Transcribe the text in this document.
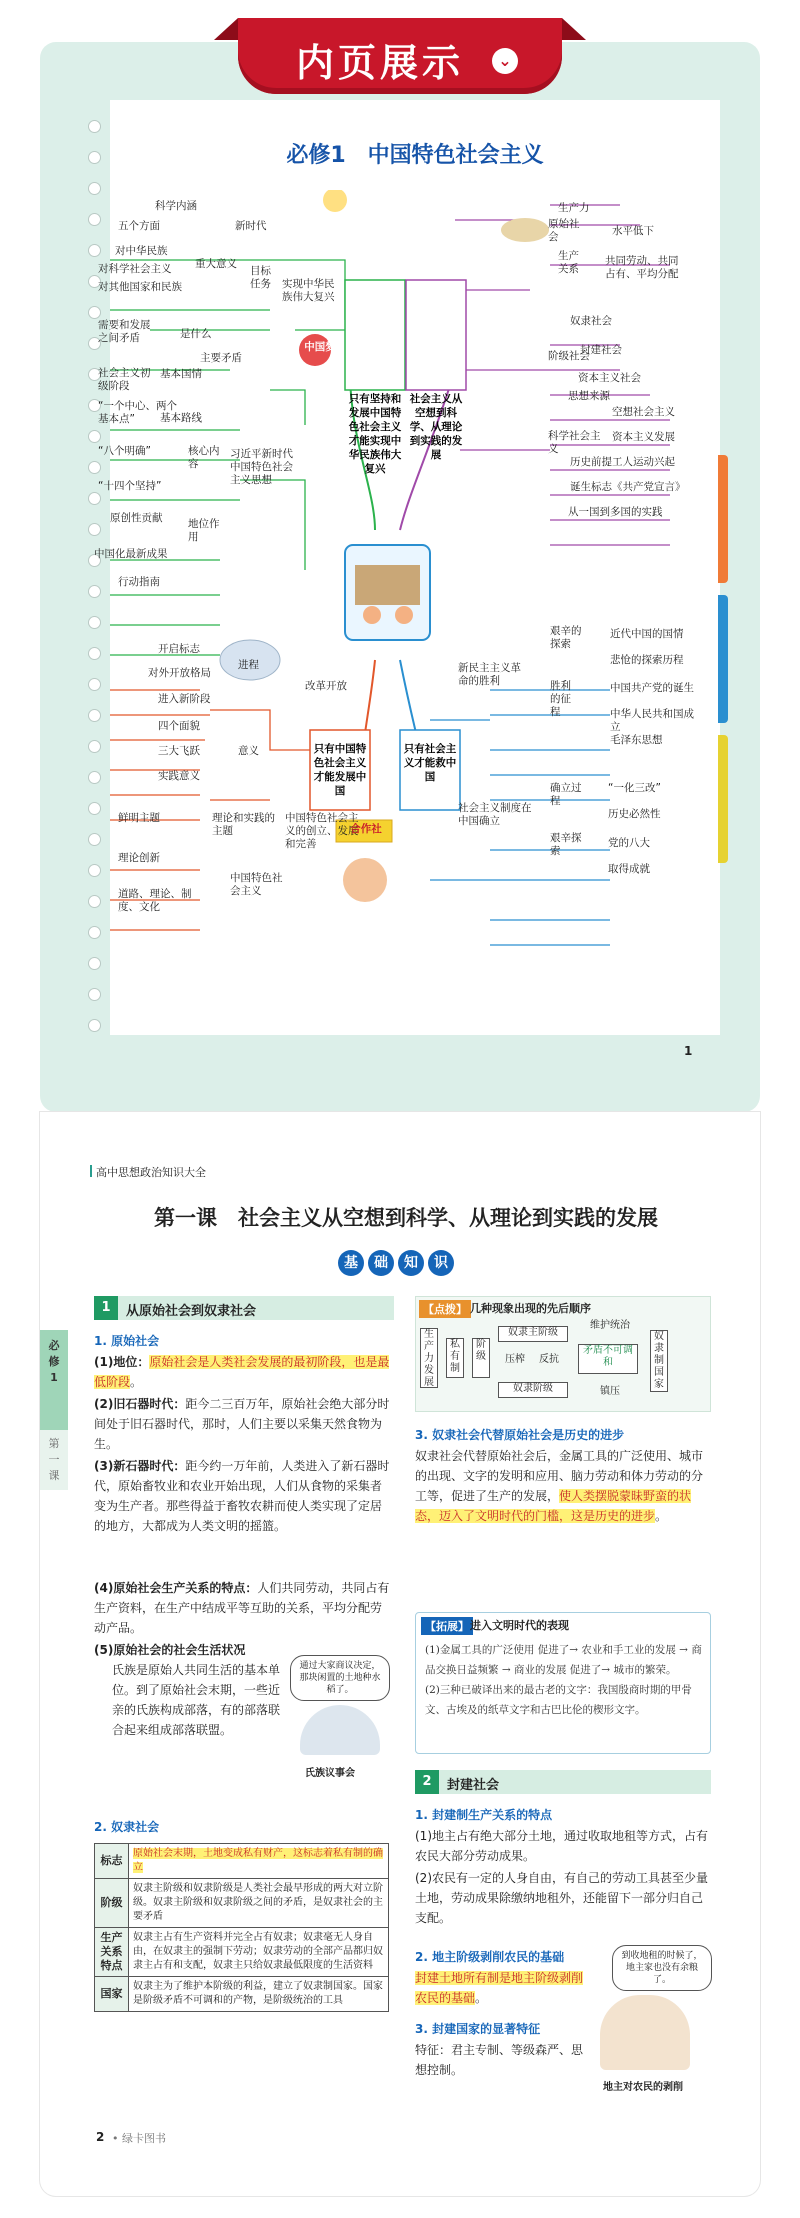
内页展示	⌄
必修1　中国特色社会主义
新时代
五个方面
科学内涵
对中华民族
对科学社会主义	重大意义
对其他国家和民族
目标任务	实现中华民族伟大复兴
主要矛盾
需要和发展之间矛盾	是什么
社会主义初级阶段
基本国情
“一个中心、两个基本点”	基本路线
“八个明确”
“十四个坚持”
核心内容
习近平新时代中国特色社会主义思想
原创性贡献	地位作用
中国化最新成果
行动指南
原始社会
生产力
水平低下
生产关系
共同劳动、共同占有、平均分配
阶级社会
奴隶社会
封建社会
资本主义社会
科学社会主义
思想来源
空想社会主义
资本主义发展
历史前提 工人运动兴起
诞生标志 《共产党宣言》
从一国到多国的实践
改革开放
开启标志
进程
对外开放格局
进入新阶段
四个面貌
三大飞跃	意义
实践意义
中国特色社会主义的创立、发展和完善
鲜明主题	理论和实践的主题
理论创新
中国特色社会主义
道路、理论、制度、文化
新民主主义革命的胜利
艰辛的探索
近代中国的国情
悲怆的探索历程
胜利的征程
中国共产党的诞生
中华人民共和国成立
毛泽东思想
社会主义制度在中国确立
确立过程
“一化三改”
历史必然性
艰辛探索
党的八大
取得成就
只有坚持和发展中国特色社会主义才能实现中华民族伟大复兴
社会主义从空想到科学、从理论到实践的发展
只有中国特色社会主义才能发展中国
只有社会主义才能救中国
中国梦
合作社
1
高中思想政治知识大全
第一课　社会主义从空想到科学、从理论到实践的发展
基	础	知	识
必修1
第一课
1	从原始社会到奴隶社会
1. 原始社会
(1)地位：原始社会是人类社会发展的最初阶段，也是最低阶段。
(2)旧石器时代：距今二三百万年，原始社会绝大部分时间处于旧石器时代，那时，人们主要以采集天然食物为生。
(3)新石器时代：距今约一万年前，人类进入了新石器时代，原始畜牧业和农业开始出现，人们从食物的采集者变为生产者。那些得益于畜牧农耕而使人类实现了定居的地方，大都成为人类文明的摇篮。
(4)原始社会生产关系的特点：人们共同劳动，共同占有生产资料，在生产中结成平等互助的关系，平均分配劳动产品。
(5)原始社会的社会生活状况
氏族是原始人共同生活的基本单位。到了原始社会末期，一些近亲的氏族构成部落，有的部落联合起来组成部落联盟。
通过大家商议决定，那块闲置的土地种水稻了。
氏族议事会
2. 奴隶社会
标志	原始社会末期，土地变成私有财产，这标志着私有制的确立
阶级	奴隶主阶级和奴隶阶级是人类社会最早形成的两大对立阶级。奴隶主阶级和奴隶阶级之间的矛盾，是奴隶社会的主要矛盾
生产关系特点	奴隶主占有生产资料并完全占有奴隶；奴隶毫无人身自由，在奴隶主的强制下劳动；奴隶劳动的全部产品都归奴隶主占有和支配，奴隶主只给奴隶最低限度的生活资料
国家	奴隶主为了维护本阶级的利益，建立了奴隶制国家。国家是阶级矛盾不可调和的产物，是阶级统治的工具
【点拨】 几种现象出现的先后顺序
生产力发展
私有制
阶级
奴隶主阶级
奴隶阶级
压榨	反抗
矛盾不可调和
维护统治
镇压
奴隶制国家
3. 奴隶社会代替原始社会是历史的进步
奴隶社会代替原始社会后，金属工具的广泛使用、城市的出现、文字的发明和应用、脑力劳动和体力劳动的分工等，促进了生产的发展，使人类摆脱蒙昧野蛮的状态，迈入了文明时代的门槛，这是历史的进步。
【拓展】 进入文明时代的表现
(1)金属工具的广泛使用 促进了→ 农业和手工业的发展 → 商品交换日益频繁 → 商业的发展 促进了→ 城市的繁荣。
(2)三种已破译出来的最古老的文字：我国殷商时期的甲骨文、古埃及的纸草文字和古巴比伦的楔形文字。
2	封建社会
1. 封建制生产关系的特点
(1)地主占有绝大部分土地，通过收取地租等方式，占有农民大部分劳动成果。
(2)农民有一定的人身自由，有自己的劳动工具甚至少量土地，劳动成果除缴纳地租外，还能留下一部分归自己支配。
2. 地主阶级剥削农民的基础
封建土地所有制是地主阶级剥削农民的基础。
3. 封建国家的显著特征
特征：君主专制、等级森严、思想控制。
到收地租的时候了，地主家也没有余粮了。
地主对农民的剥削
2 • 绿卡图书
